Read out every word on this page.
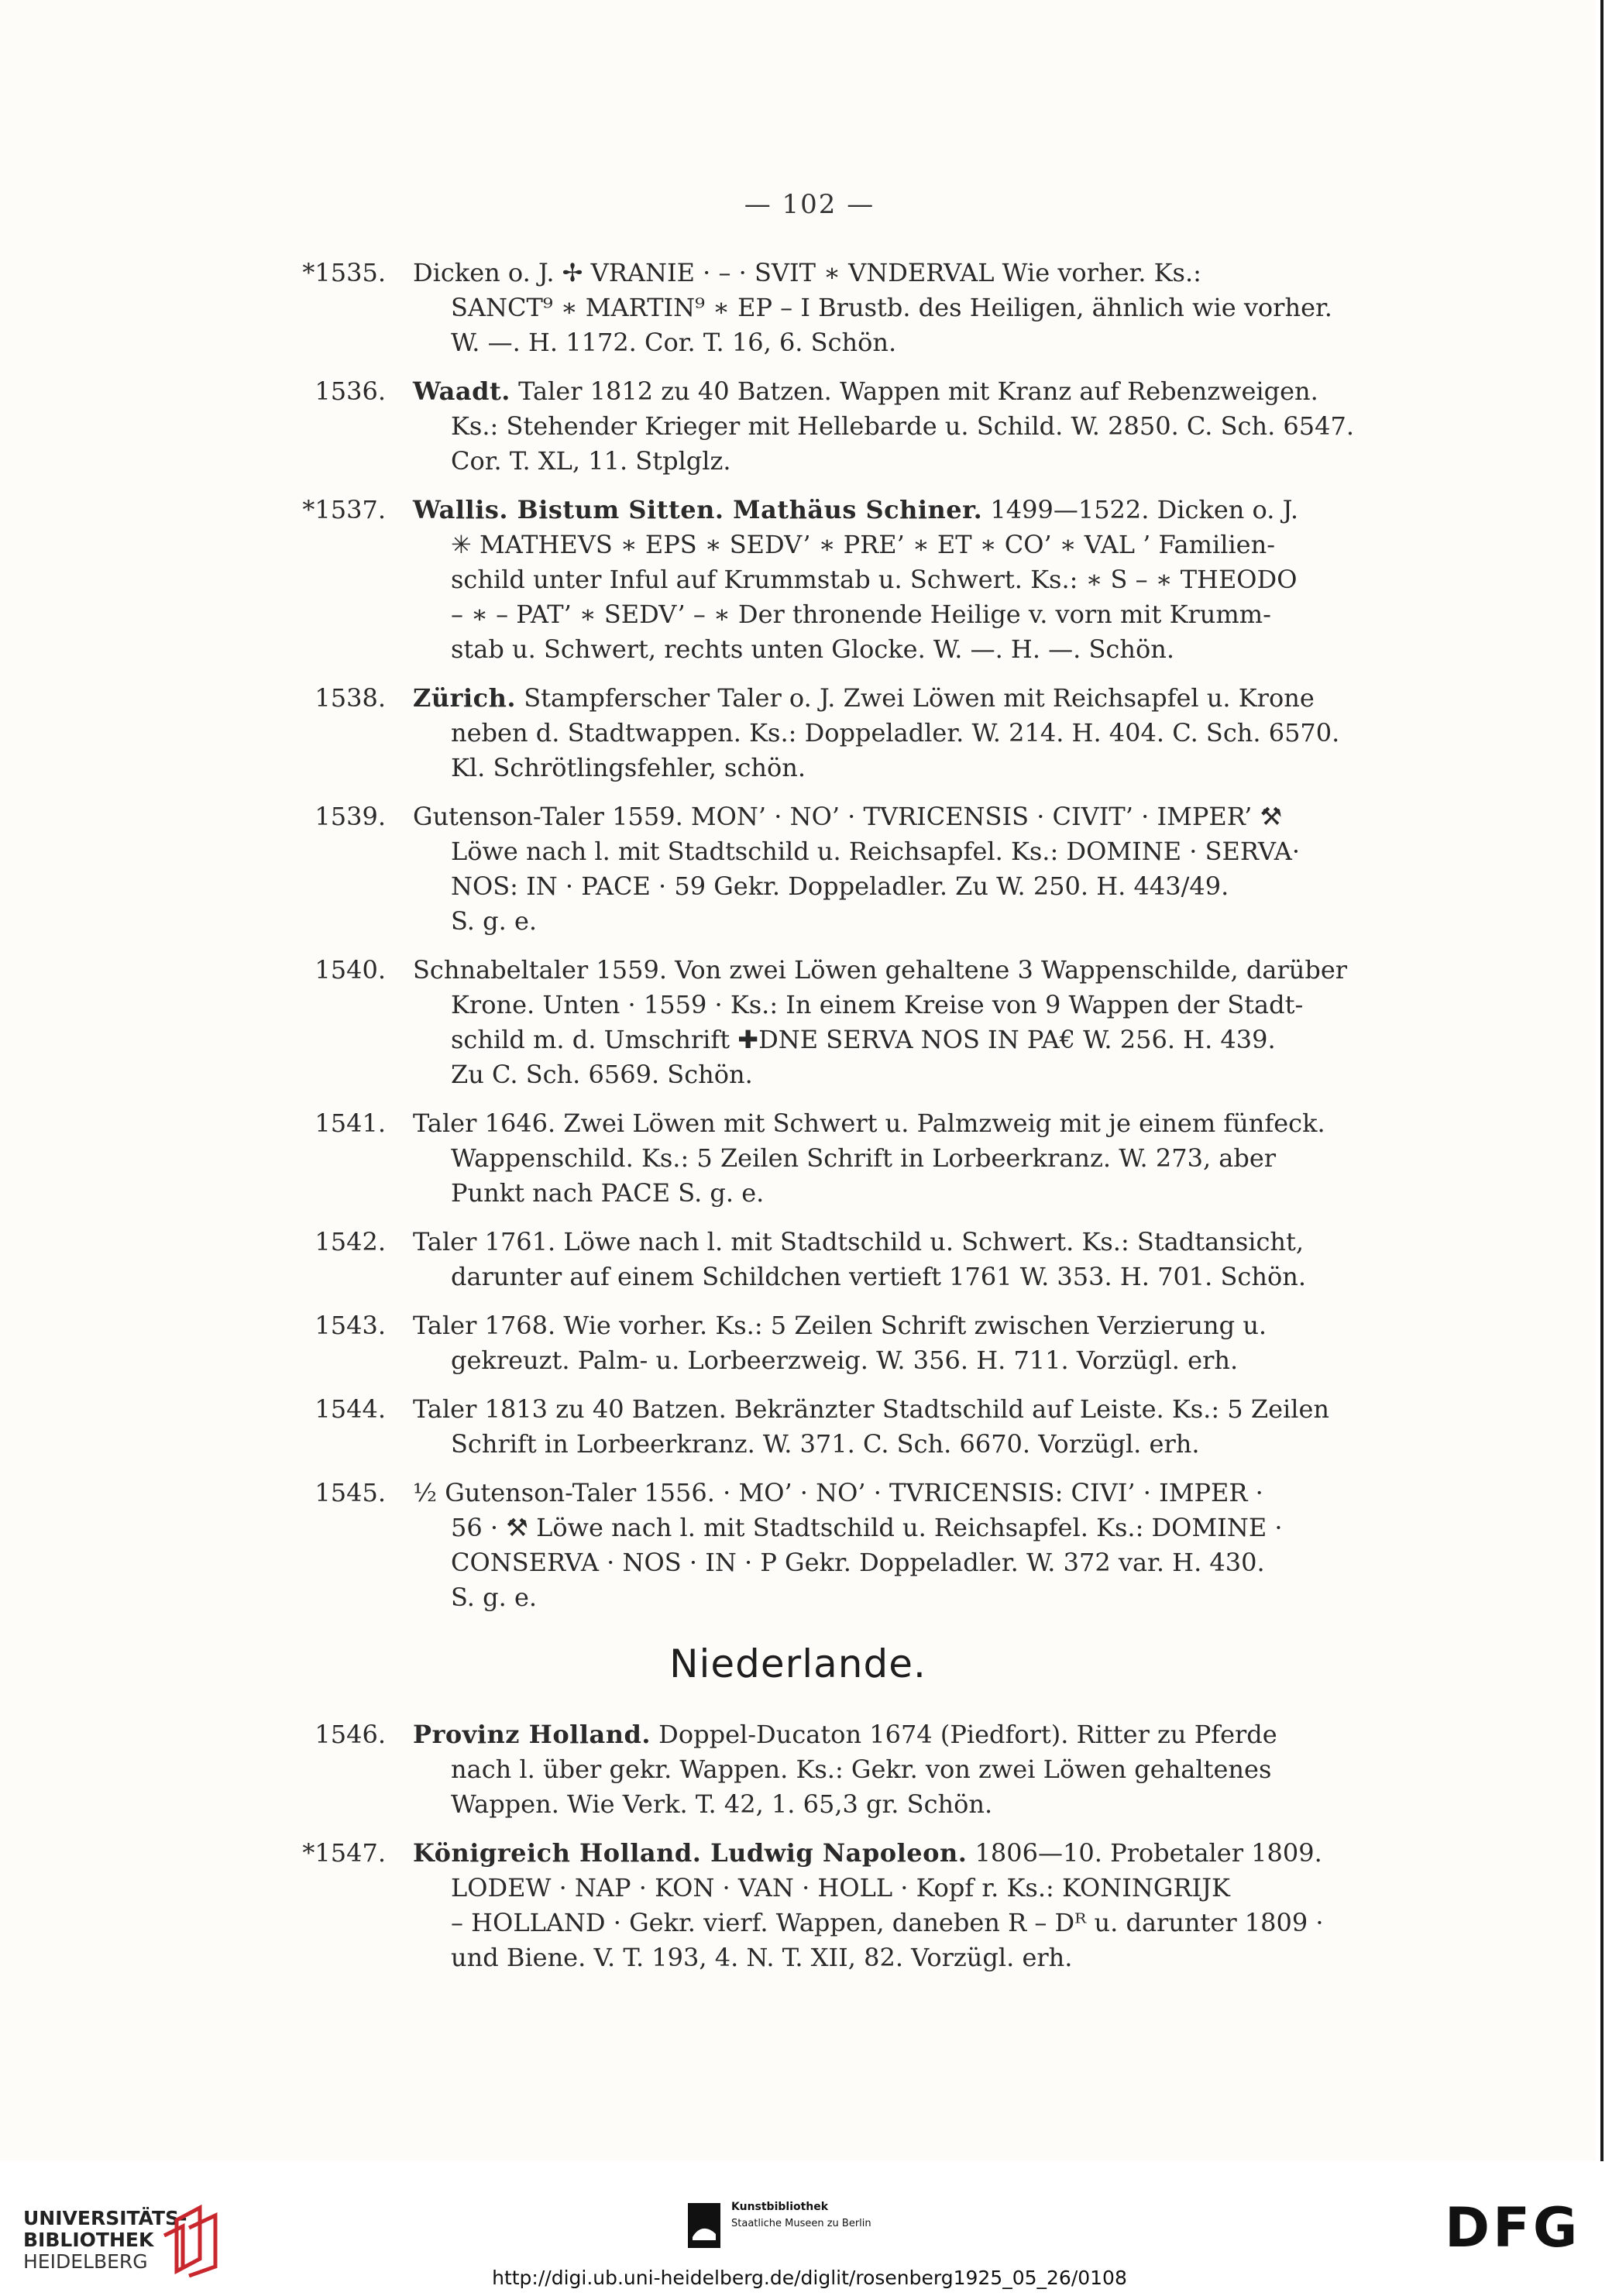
— 102 —
*1535. Dicken o. J. ✢ VRANIE · – · SVIT ∗ VNDERVAL Wie vorher. Ks.:
SANCT⁹ ∗ MARTIN⁹ ∗ EP – I Brustb. des Heiligen, ähnlich wie vorher.
W. —. H. 1172. Cor. T. 16, 6. Schön.
1536. Waadt. Taler 1812 zu 40 Batzen. Wappen mit Kranz auf Rebenzweigen.
Ks.: Stehender Krieger mit Hellebarde u. Schild. W. 2850. C. Sch. 6547.
Cor. T. XL, 11. Stplglz.
*1537. Wallis. Bistum Sitten. Mathäus Schiner. 1499—1522. Dicken o. J.
✳ MATHEVS ∗ EPS ∗ SEDV’ ∗ PRE’ ∗ ET ∗ CO’ ∗ VAL ’ Familien-
schild unter Inful auf Krummstab u. Schwert. Ks.: ∗ S – ∗ THEODO
– ∗ – PAT’ ∗ SEDV’ – ∗ Der thronende Heilige v. vorn mit Krumm-
stab u. Schwert, rechts unten Glocke. W. —. H. —. Schön.
1538. Zürich. Stampferscher Taler o. J. Zwei Löwen mit Reichsapfel u. Krone
neben d. Stadtwappen. Ks.: Doppeladler. W. 214. H. 404. C. Sch. 6570.
Kl. Schrötlingsfehler, schön.
1539. Gutenson-Taler 1559. MON’ · NO’ · TVRICENSIS · CIVIT’ · IMPER’ ⚒
Löwe nach l. mit Stadtschild u. Reichsapfel. Ks.: DOMINE · SERVA·
NOS: IN · PACE · 59 Gekr. Doppeladler. Zu W. 250. H. 443/49.
S. g. e.
1540. Schnabeltaler 1559. Von zwei Löwen gehaltene 3 Wappenschilde, darüber
Krone. Unten · 1559 · Ks.: In einem Kreise von 9 Wappen der Stadt-
schild m. d. Umschrift ✚DNE SERVA NOS IN PA€ W. 256. H. 439.
Zu C. Sch. 6569. Schön.
1541. Taler 1646. Zwei Löwen mit Schwert u. Palmzweig mit je einem fünfeck.
Wappenschild. Ks.: 5 Zeilen Schrift in Lorbeerkranz. W. 273, aber
Punkt nach PACE S. g. e.
1542. Taler 1761. Löwe nach l. mit Stadtschild u. Schwert. Ks.: Stadtansicht,
darunter auf einem Schildchen vertieft 1761 W. 353. H. 701. Schön.
1543. Taler 1768. Wie vorher. Ks.: 5 Zeilen Schrift zwischen Verzierung u.
gekreuzt. Palm- u. Lorbeerzweig. W. 356. H. 711. Vorzügl. erh.
1544. Taler 1813 zu 40 Batzen. Bekränzter Stadtschild auf Leiste. Ks.: 5 Zeilen
Schrift in Lorbeerkranz. W. 371. C. Sch. 6670. Vorzügl. erh.
1545. ½ Gutenson-Taler 1556. · MO’ · NO’ · TVRICENSIS: CIVI’ · IMPER ·
56 · ⚒ Löwe nach l. mit Stadtschild u. Reichsapfel. Ks.: DOMINE ·
CONSERVA · NOS · IN · P Gekr. Doppeladler. W. 372 var. H. 430.
S. g. e.
Niederlande.
1546. Provinz Holland. Doppel-Ducaton 1674 (Piedfort). Ritter zu Pferde
nach l. über gekr. Wappen. Ks.: Gekr. von zwei Löwen gehaltenes
Wappen. Wie Verk. T. 42, 1. 65,3 gr. Schön.
*1547. Königreich Holland. Ludwig Napoleon. 1806—10. Probetaler 1809.
LODEW · NAP · KON · VAN · HOLL · Kopf r. Ks.: KONINGRIJK
– HOLLAND · Gekr. vierf. Wappen, daneben R – Dᴿ u. darunter 1809 ·
und Biene. V. T. 193, 4. N. T. XII, 82. Vorzügl. erh.
UNIVERSITÄTS-
BIBLIOTHEK
HEIDELBERG
Kunstbibliothek
Staatliche Museen zu Berlin	DFG
http://digi.ub.uni-heidelberg.de/diglit/rosenberg1925_05_26/0108
